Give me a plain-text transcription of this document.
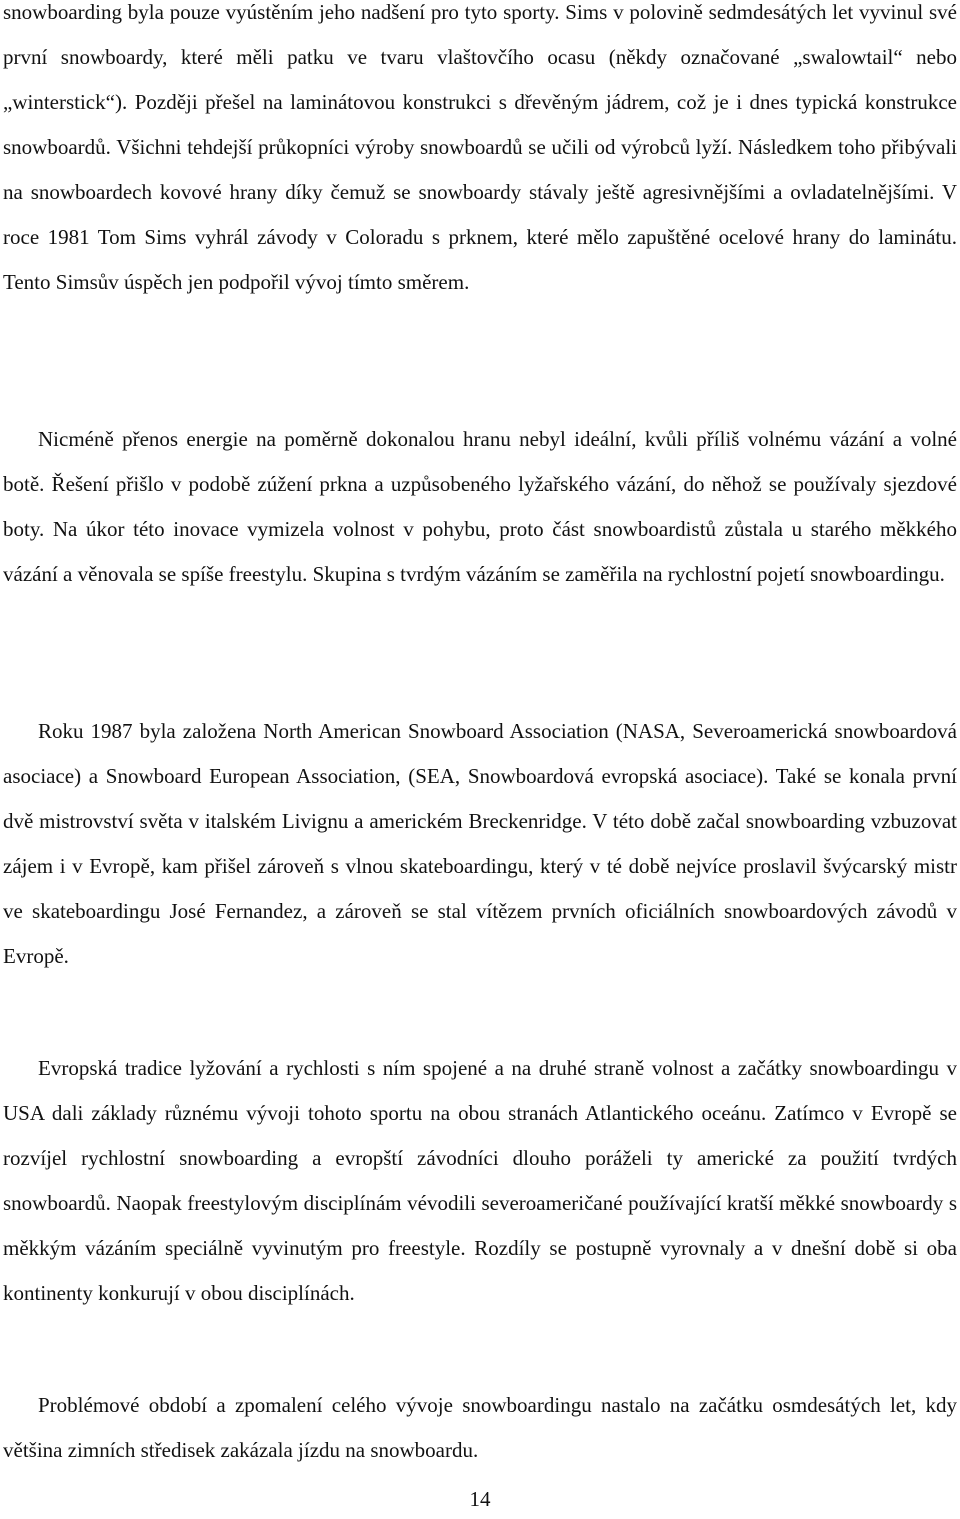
snowboarding byla pouze vyústěním jeho nadšení pro tyto sporty. Sims v polovině sedmdesátých let vyvinul své první snowboardy, které měli patku ve tvaru vlaštovčího ocasu (někdy označované „swalowtail“ nebo „winterstick“). Později přešel na laminátovou konstrukci s dřevěným jádrem, což je i dnes typická konstrukce snowboardů. Všichni tehdejší průkopníci výroby snowboardů se učili od výrobců lyží. Následkem toho přibývali na snowboardech kovové hrany díky čemuž se snowboardy stávaly ještě agresivnějšími a ovladatelnějšími. V roce 1981 Tom Sims vyhrál závody v Coloradu s prknem, které mělo zapuštěné ocelové hrany do laminátu. Tento Simsův úspěch jen podpořil vývoj tímto směrem.

Nicméně přenos energie na poměrně dokonalou hranu nebyl ideální, kvůli příliš volnému vázání a volné botě. Řešení přišlo v podobě zúžení prkna a uzpůsobeného lyžařského vázání, do něhož se používaly sjezdové boty. Na úkor této inovace vymizela volnost v pohybu, proto část snowboardistů zůstala u starého měkkého vázání a věnovala se spíše freestylu. Skupina s tvrdým vázáním se zaměřila na rychlostní pojetí snowboardingu.

Roku 1987 byla založena North American Snowboard Association (NASA, Severoamerická snowboardová asociace) a Snowboard European Association, (SEA, Snowboardová evropská asociace). Také se konala první dvě mistrovství světa v italském Livignu a americkém Breckenridge. V této době začal snowboarding vzbuzovat zájem i v Evropě, kam přišel zároveň s vlnou skateboardingu, který v té době nejvíce proslavil švýcarský mistr ve skateboardingu José Fernandez, a zároveň se stal vítězem prvních oficiálních snowboardových závodů v Evropě.

Evropská tradice lyžování a rychlosti s ním spojené a na druhé straně volnost a začátky snowboardingu v USA dali základy různému vývoji tohoto sportu na obou stranách Atlantického oceánu. Zatímco v Evropě se rozvíjel rychlostní snowboarding a evropští závodníci dlouho poráželi ty americké za použití tvrdých snowboardů. Naopak freestylovým disciplínám vévodili severoameričané používající kratší měkké snowboardy s měkkým vázáním speciálně vyvinutým pro freestyle. Rozdíly se postupně vyrovnaly a v dnešní době si oba kontinenty konkurují v obou disciplínách.

Problémové období a zpomalení celého vývoje snowboardingu nastalo na začátku osmdesátých let, kdy většina zimních středisek zakázala jízdu na snowboardu.

14
